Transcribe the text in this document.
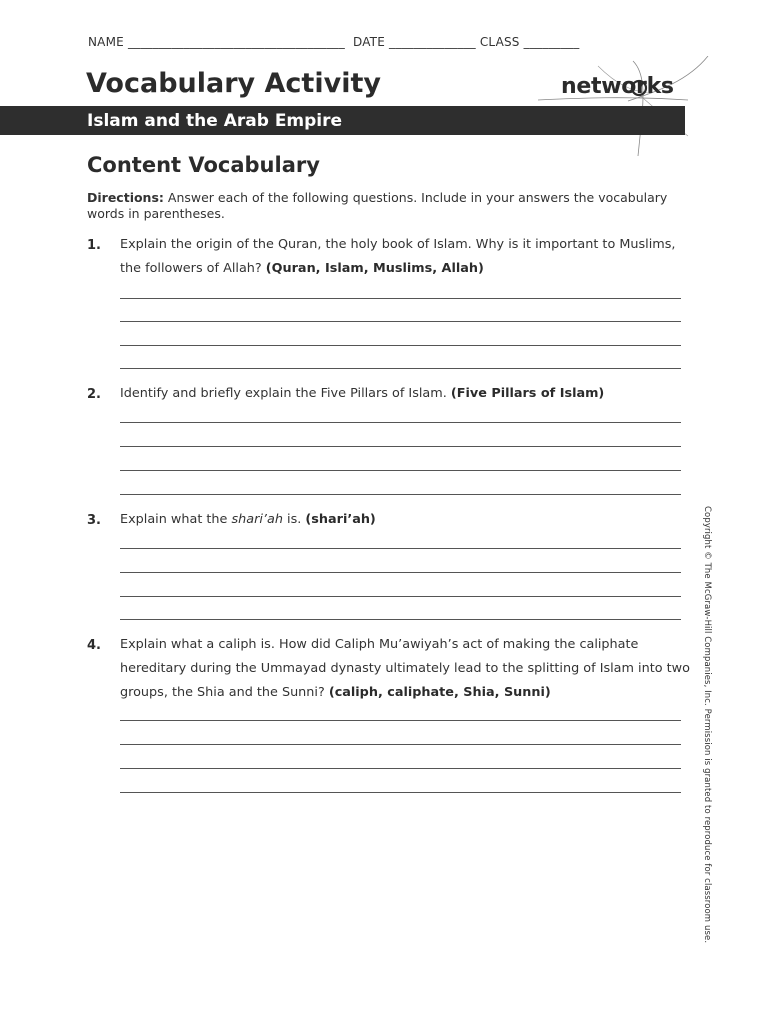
NAME ___________________________________ DATE ______________ CLASS _________
Vocabulary Activity	networks
Islam and the Arab Empire
Content Vocabulary
Directions: Answer each of the following questions. Include in your answers the vocabulary words in parentheses.
1. Explain the origin of the Quran, the holy book of Islam. Why is it important to Muslims, the followers of Allah? (Quran, Islam, Muslims, Allah)
2. Identify and briefly explain the Five Pillars of Islam. (Five Pillars of Islam)
3. Explain what the shari’ah is. (shari’ah)
4. Explain what a caliph is. How did Caliph Mu’awiyah’s act of making the caliphate hereditary during the Ummayad dynasty ultimately lead to the splitting of Islam into two groups, the Shia and the Sunni? (caliph, caliphate, Shia, Sunni)	Copyright © The McGraw-Hill Companies, Inc. Permission is granted to reproduce for classroom use.
